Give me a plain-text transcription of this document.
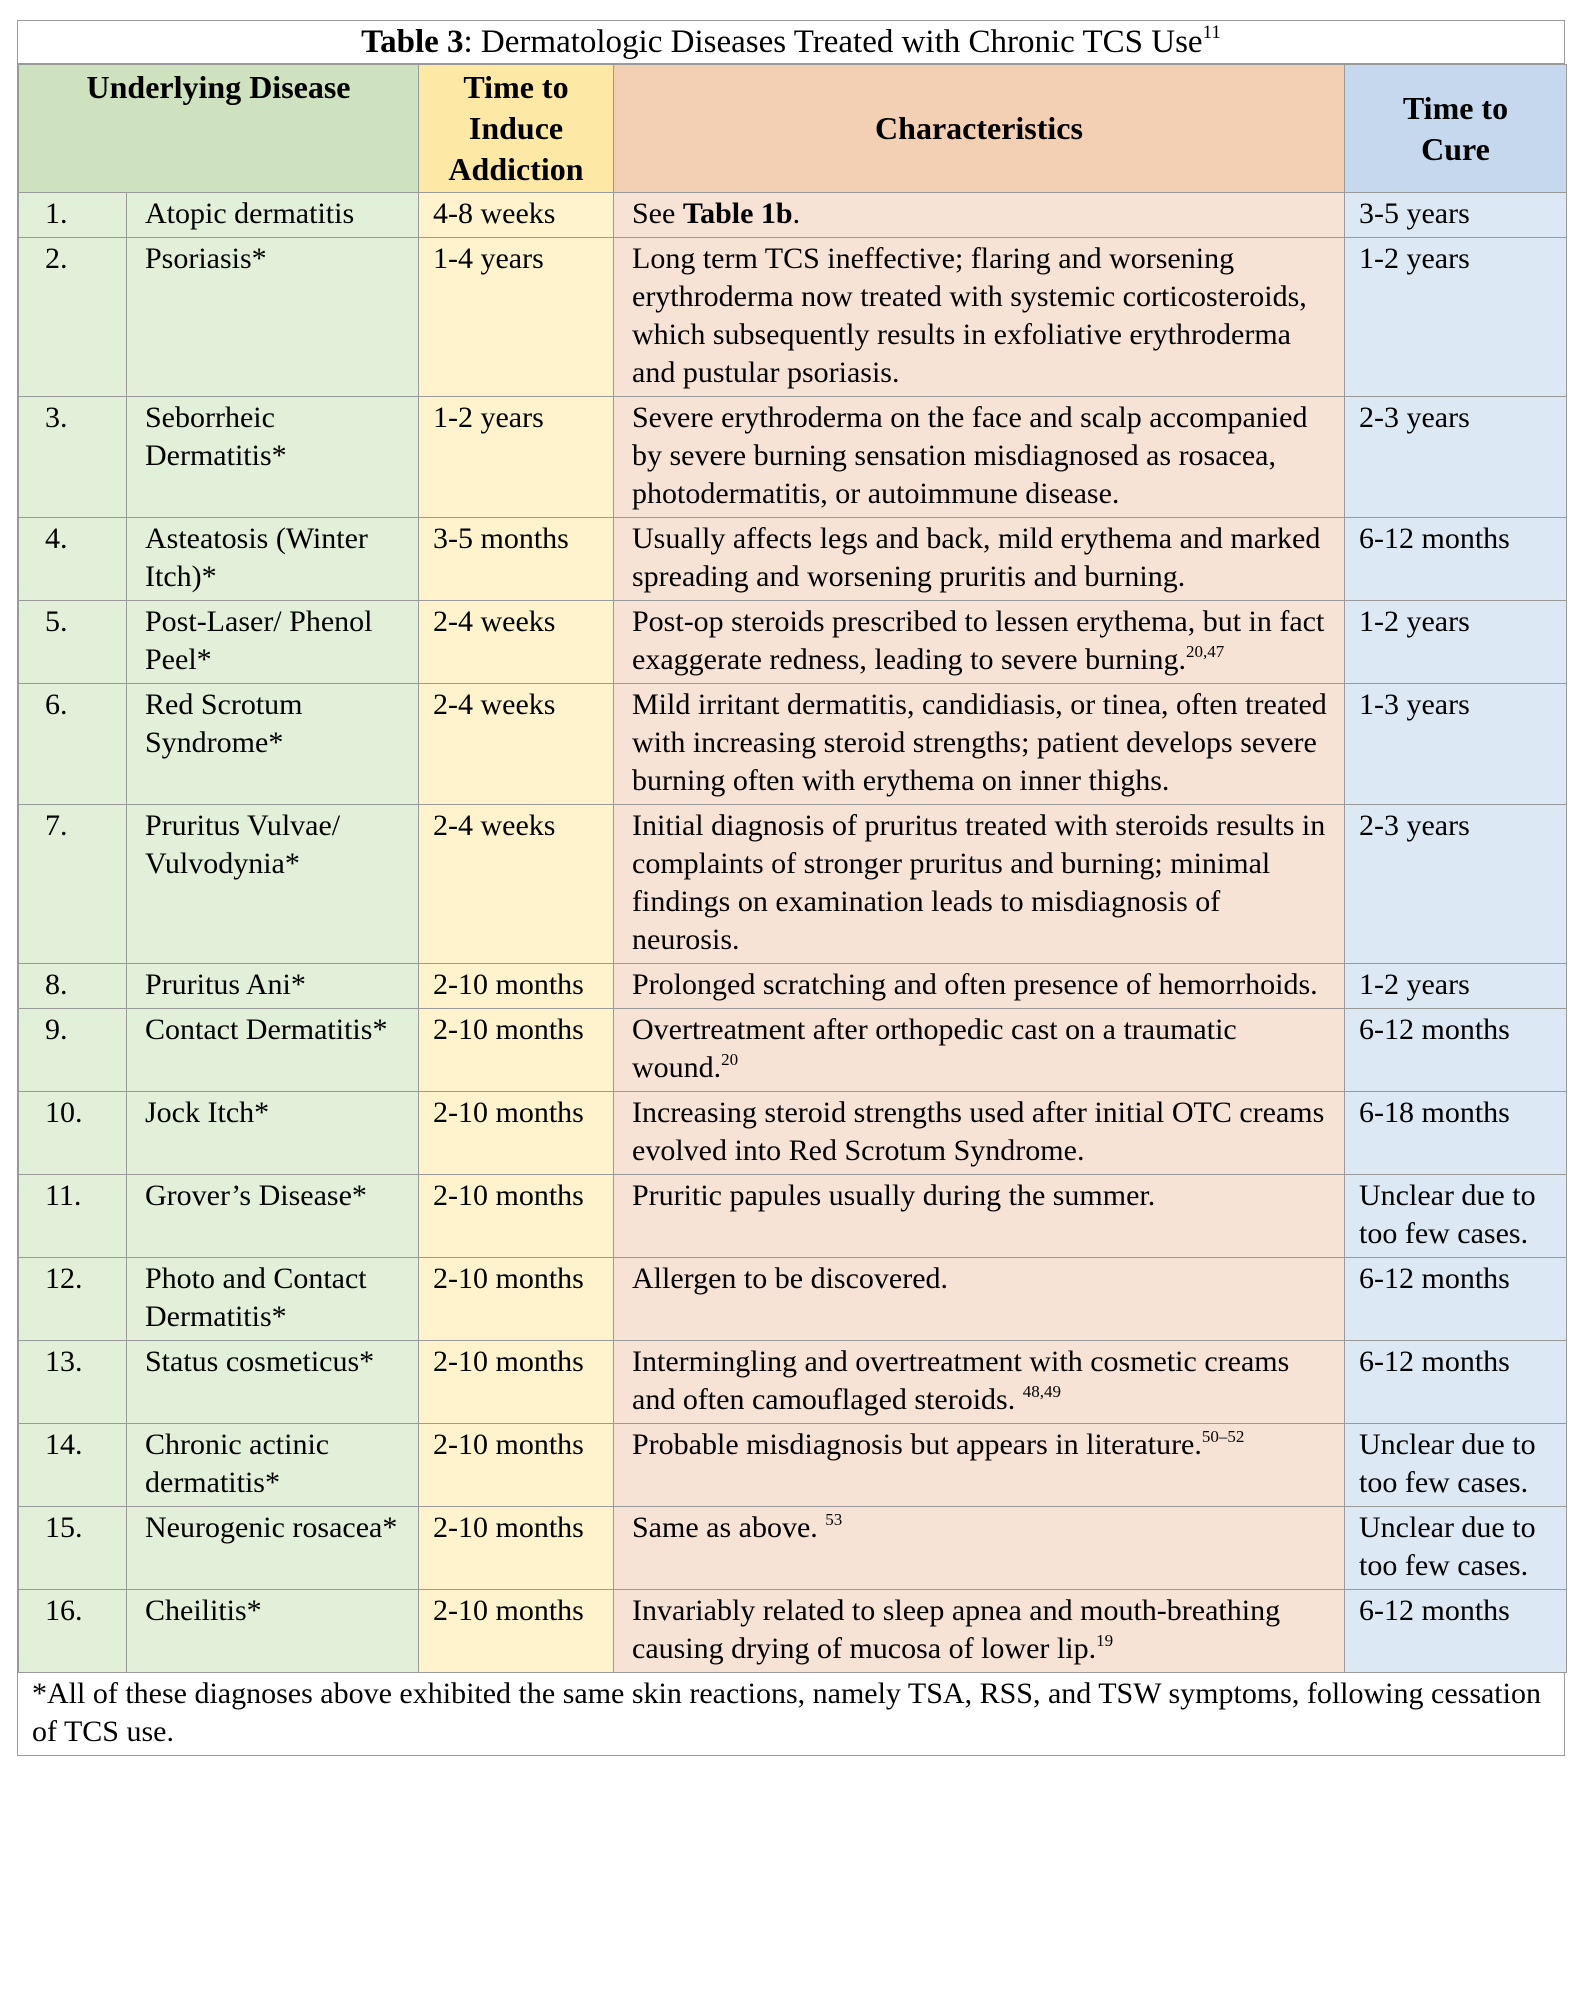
Table 3: Dermatologic Diseases Treated with Chronic TCS Use$^{11}$
Underlying Disease		Time to Induce Addiction	Characteristics	Time to Cure
1.	Atopic dermatitis	4-8 weeks	See Table 1b.	3-5 years
2.	Psoriasis*	1-4 years	Long term TCS ineffective; flaring and worsening erythroderma now treated with systemic corticosteroids, which subsequently results in exfoliative erythroderma and pustular psoriasis.	1-2 years
3.	Seborrheic Dermatitis*	1-2 years	Severe erythroderma on the face and scalp accompanied by severe burning sensation misdiagnosed as rosacea, photodermatitis, or autoimmune disease.	2-3 years
4.	Asteatosis (Winter Itch)*	3-5 months	Usually affects legs and back, mild erythema and marked spreading and worsening pruritis and burning.	6-12 months
5.	Post-Laser/ Phenol Peel*	2-4 weeks	Post-op steroids prescribed to lessen erythema, but in fact exaggerate redness, leading to severe burning.$^{20,47}$	1-2 years
6.	Red Scrotum Syndrome*	2-4 weeks	Mild irritant dermatitis, candidiasis, or tinea, often treated with increasing steroid strengths; patient develops severe burning often with erythema on inner thighs.	1-3 years
7.	Pruritus Vulvae/ Vulvodynia*	2-4 weeks	Initial diagnosis of pruritus treated with steroids results in complaints of stronger pruritus and burning; minimal findings on examination leads to misdiagnosis of neurosis.	2-3 years
8.	Pruritus Ani*	2-10 months	Prolonged scratching and often presence of hemorrhoids.	1-2 years
9.	Contact Dermatitis*	2-10 months	Overtreatment after orthopedic cast on a traumatic wound.$^{20}$	6-12 months
10.	Jock Itch*	2-10 months	Increasing steroid strengths used after initial OTC creams evolved into Red Scrotum Syndrome.	6-18 months
11.	Grover’s Disease*	2-10 months	Pruritic papules usually during the summer.	Unclear due to too few cases.
12.	Photo and Contact Dermatitis*	2-10 months	Allergen to be discovered.	6-12 months
13.	Status cosmeticus*	2-10 months	Intermingling and overtreatment with cosmetic creams and often camouflaged steroids. $^{48,49}$	6-12 months
14.	Chronic actinic dermatitis*	2-10 months	Probable misdiagnosis but appears in literature.$^{50-52}$	Unclear due to too few cases.
15.	Neurogenic rosacea*	2-10 months	Same as above. $^{53}$	Unclear due to too few cases.
16.	Cheilitis*	2-10 months	Invariably related to sleep apnea and mouth-breathing causing drying of mucosa of lower lip.$^{19}$	6-12 months
*All of these diagnoses above exhibited the same skin reactions, namely TSA, RSS, and TSW symptoms, following cessation of TCS use.
